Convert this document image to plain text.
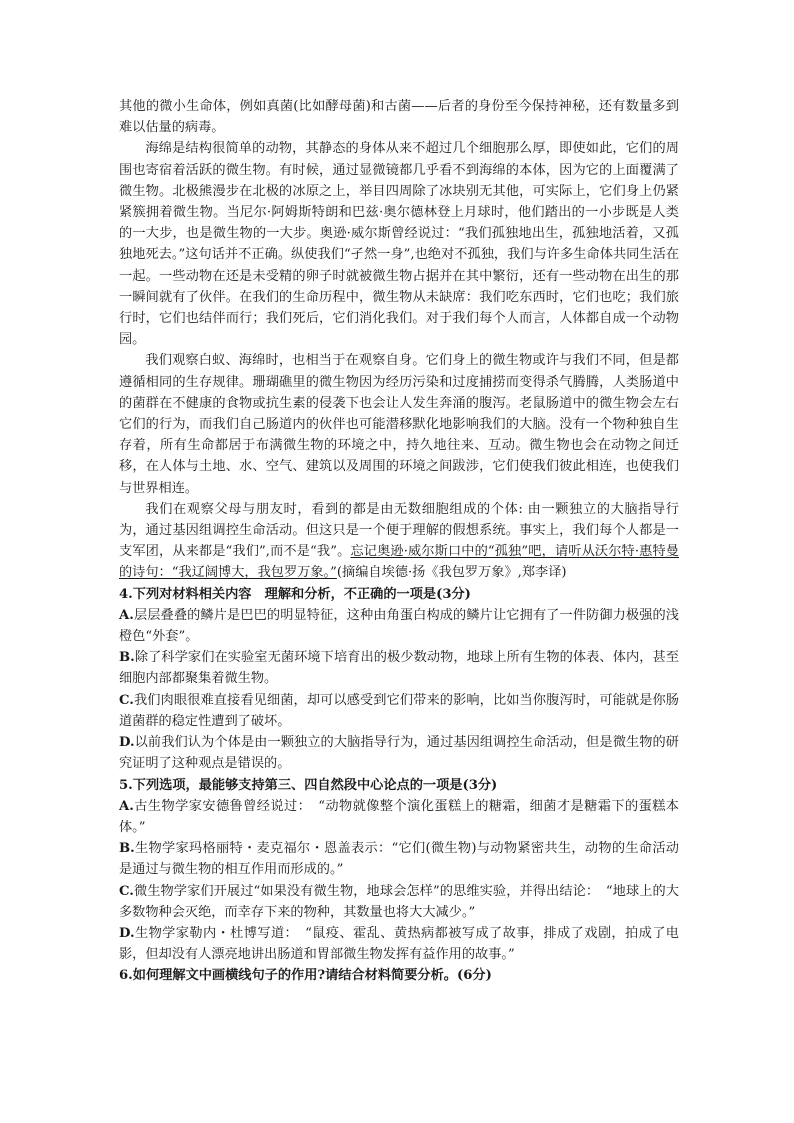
其他的微小生命体，例如真菌(比如酵母菌)和古菌——后者的身份至今保持神秘，还有数量多到难以估量的病毒。

海绵是结构很简单的动物，其静态的身体从来不超过几个细胞那么厚，即使如此，它们的周围也寄宿着活跃的微生物。有时候，通过显微镜都几乎看不到海绵的本体，因为它的上面覆满了微生物。北极熊漫步在北极的冰原之上，举目四周除了冰块别无其他，可实际上，它们身上仍紧紧簇拥着微生物。当尼尔·阿姆斯特朗和巴兹·奥尔德林登上月球时，他们踏出的一小步既是人类的一大步，也是微生物的一大步。奥逊·威尔斯曾经说过：“我们孤独地出生，孤独地活着，又孤独地死去。”这句话并不正确。纵使我们“孑然一身”,也绝对不孤独，我们与许多生命体共同生活在一起。一些动物在还是未受精的卵子时就被微生物占据并在其中繁衍，还有一些动物在出生的那一瞬间就有了伙伴。在我们的生命历程中，微生物从未缺席：我们吃东西时，它们也吃；我们旅行时，它们也结伴而行；我们死后，它们消化我们。对于我们每个人而言，人体都自成一个动物园。

我们观察白蚁、海绵时，也相当于在观察自身。它们身上的微生物或许与我们不同，但是都遵循相同的生存规律。珊瑚礁里的微生物因为经历污染和过度捕捞而变得杀气腾腾，人类肠道中的菌群在不健康的食物或抗生素的侵袭下也会让人发生奔涌的腹泻。老鼠肠道中的微生物会左右它们的行为，而我们自己肠道内的伙伴也可能潜移默化地影响我们的大脑。没有一个物种独自生存着，所有生命都居于布满微生物的环境之中，持久地往来、互动。微生物也会在动物之间迁移，在人体与土地、水、空气、建筑以及周围的环境之间跋涉，它们使我们彼此相连，也使我们与世界相连。

我们在观察父母与朋友时，看到的都是由无数细胞组成的个体: 由一颗独立的大脑指导行为，通过基因组调控生命活动。但这只是一个便于理解的假想系统。事实上，我们每个人都是一支军团，从来都是“我们”,而不是“我”。忘记奥逊·威尔斯口中的“孤独”吧，请听从沃尔特·惠特曼的诗句：“我辽阔博大，我包罗万象。”(摘编自埃德·扬《我包罗万象》,郑李译)

4.下列对材料相关内容　理解和分析，不正确的一项是(3分)

A.层层叠叠的鳞片是巴巴的明显特征，这种由角蛋白构成的鳞片让它拥有了一件防御力极强的浅橙色“外套”。

B.除了科学家们在实验室无菌环境下培育出的极少数动物，地球上所有生物的体表、体内，甚至细胞内部都聚集着微生物。

C.我们肉眼很难直接看见细菌，却可以感受到它们带来的影响，比如当你腹泻时，可能就是你肠道菌群的稳定性遭到了破坏。

D.以前我们认为个体是由一颗独立的大脑指导行为，通过基因组调控生命活动，但是微生物的研究证明了这种观点是错误的。

5.下列选项，最能够支持第三、四自然段中心论点的一项是(3分)

A.古生物学家安德鲁曾经说过：　“动物就像整个演化蛋糕上的糖霜，细菌才是糖霜下的蛋糕本体。”

B.生物学家玛格丽特・麦克福尔・恩盖表示：“它们(微生物)与动物紧密共生，动物的生命活动是通过与微生物的相互作用而形成的。”

C.微生物学家们开展过“如果没有微生物，地球会怎样”的思维实验，并得出结论：　“地球上的大多数物种会灭绝，而幸存下来的物种，其数量也将大大减少。”

D.生物学家勒内・杜博写道：　“鼠疫、霍乱、黄热病都被写成了故事，排成了戏剧，拍成了电影，但却没有人漂亮地讲出肠道和胃部微生物发挥有益作用的故事。”

6.如何理解文中画横线句子的作用?请结合材料简要分析。(6分)
